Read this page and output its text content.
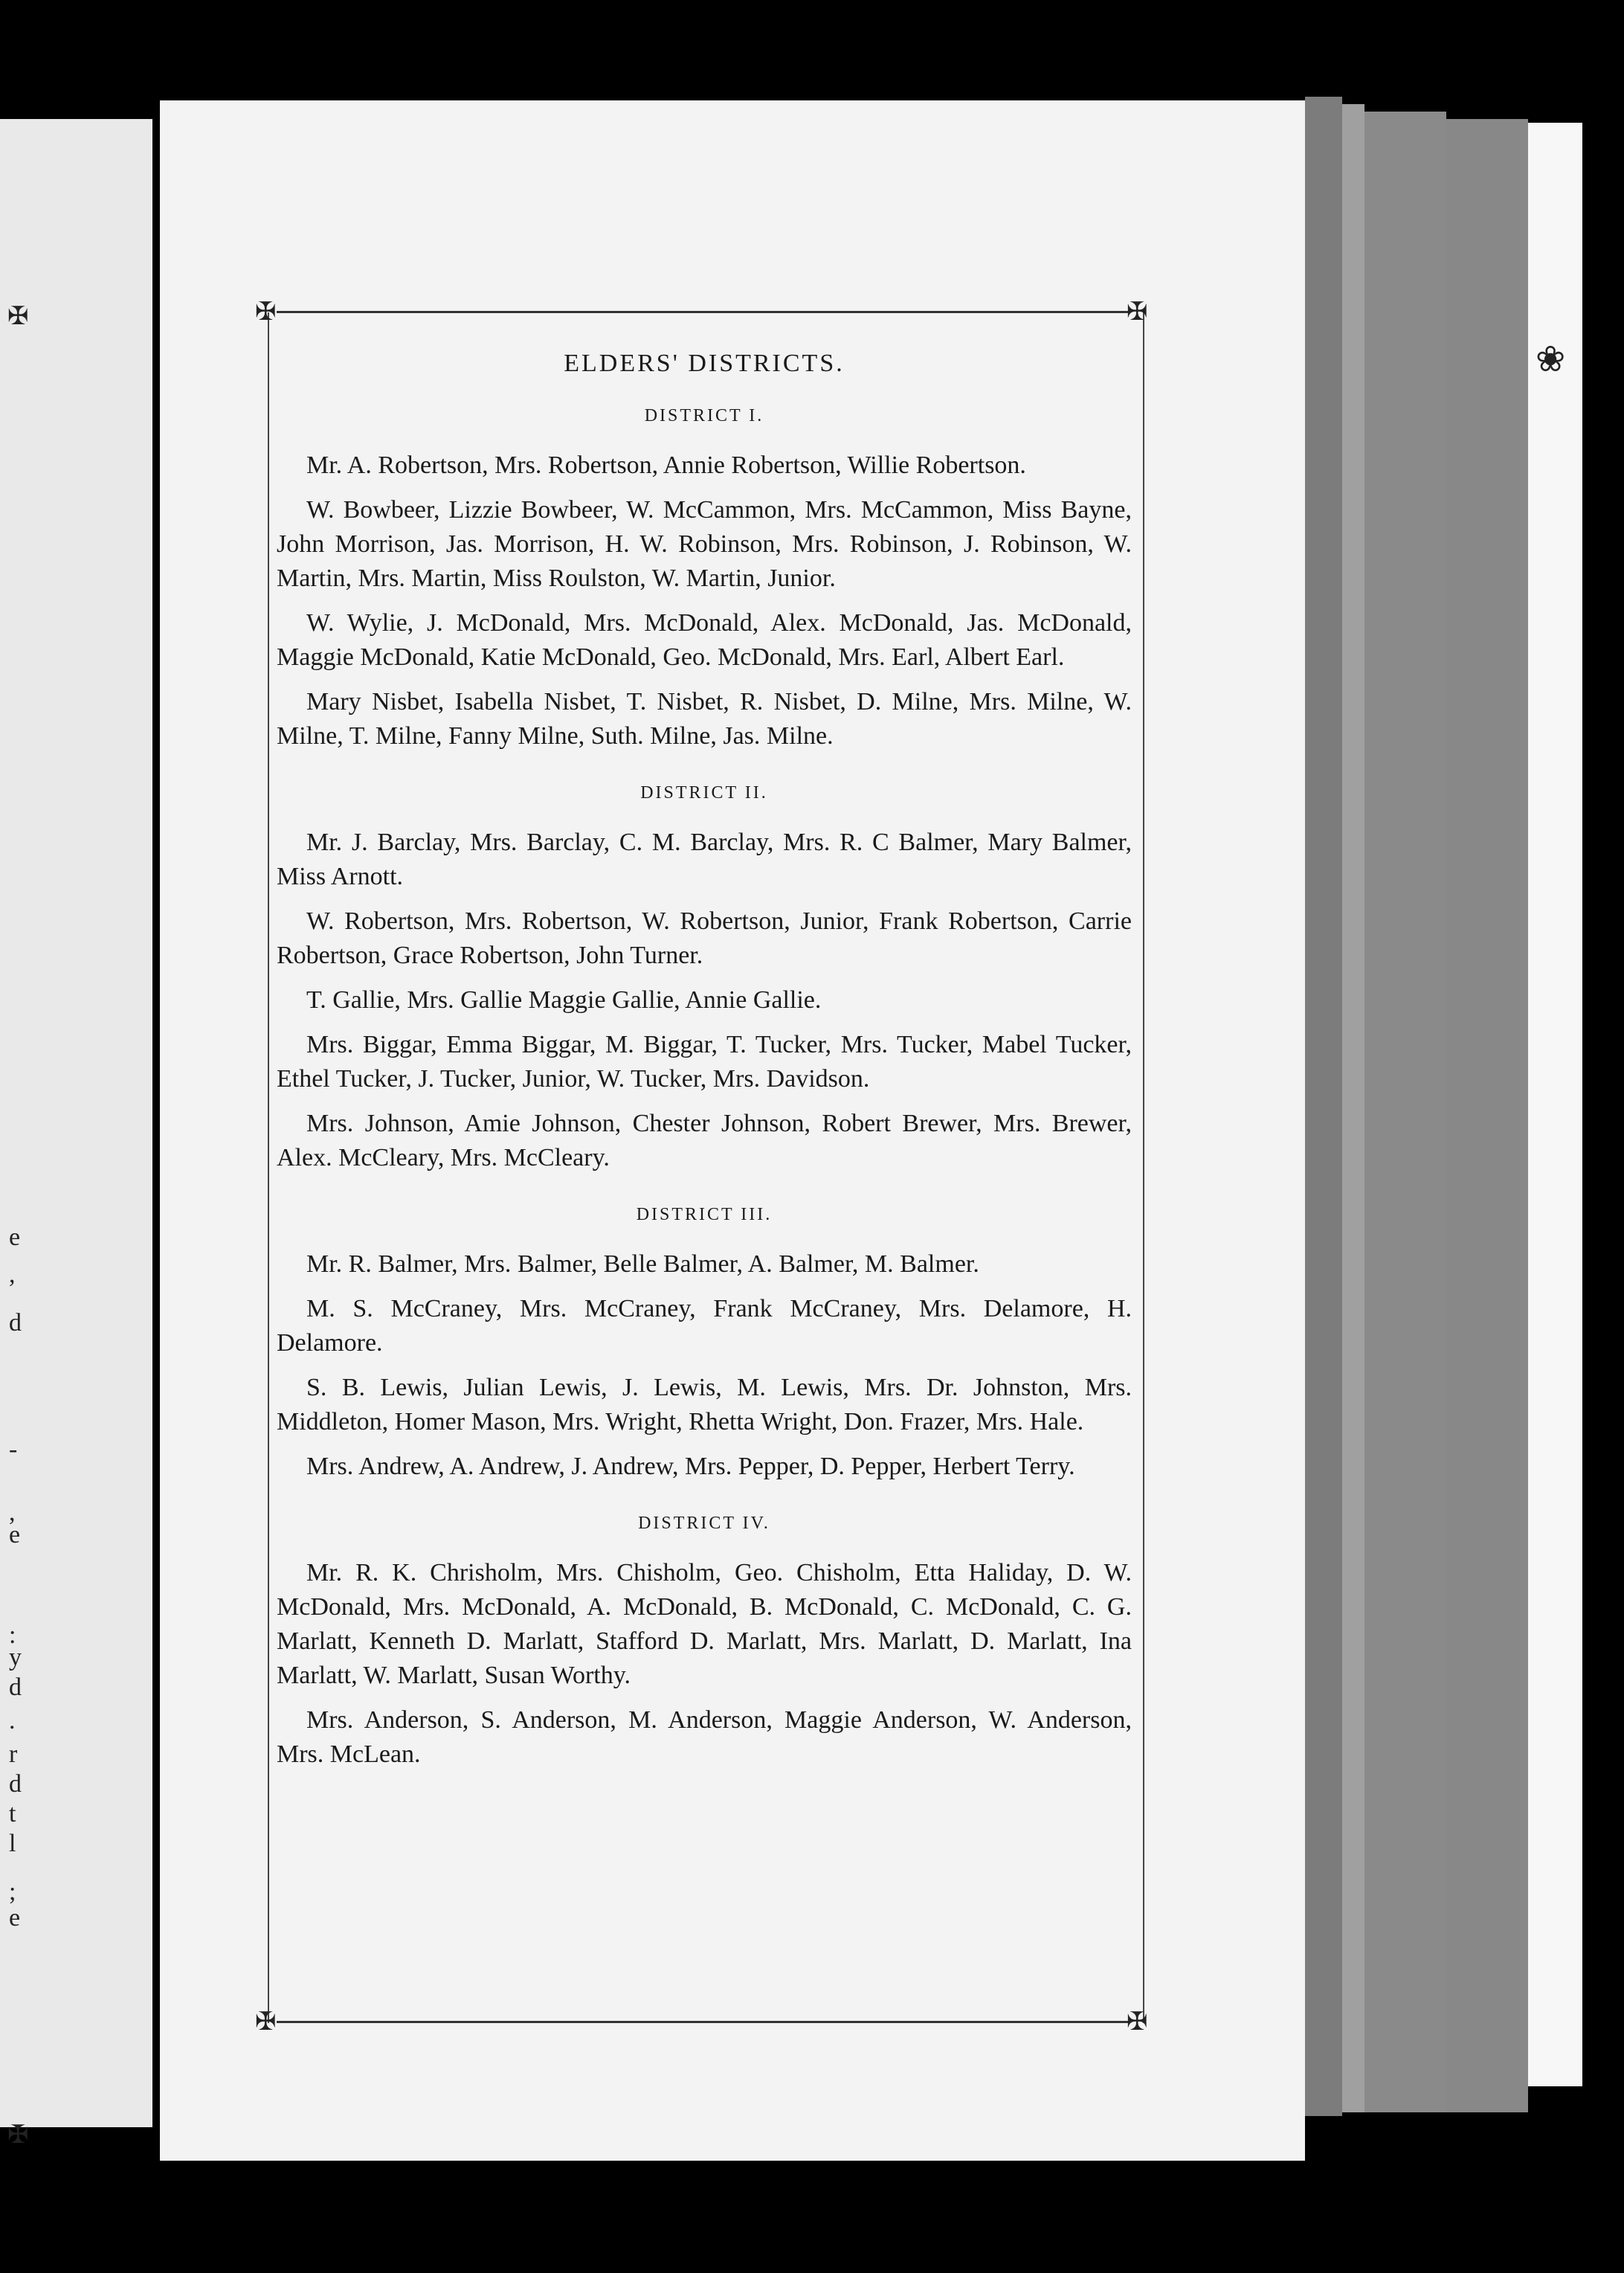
✠
e
,
d
-
,
e
:
y
d
.
r
d
t
l
;
e
✠
❀
✠	✠
✠	✠
ELDERS' DISTRICTS.
DISTRICT I.

Mr. A. Robertson, Mrs. Robertson, Annie Robertson, Willie Robertson.

W. Bowbeer, Lizzie Bowbeer, W. McCammon, Mrs. McCammon, Miss Bayne, John Morrison, Jas. Morrison, H. W. Robinson, Mrs. Robinson, J. Robinson, W. Martin, Mrs. Martin, Miss Roulston, W. Martin, Junior.

W. Wylie, J. McDonald, Mrs. McDonald, Alex. McDonald, Jas. McDonald, Maggie McDonald, Katie McDonald, Geo. McDonald, Mrs. Earl, Albert Earl.

Mary Nisbet, Isabella Nisbet, T. Nisbet, R. Nisbet, D. Milne, Mrs. Milne, W. Milne, T. Milne, Fanny Milne, Suth. Milne, Jas. Milne.

DISTRICT II.

Mr. J. Barclay, Mrs. Barclay, C. M. Barclay, Mrs. R. C Balmer, Mary Balmer, Miss Arnott.

W. Robertson, Mrs. Robertson, W. Robertson, Junior, Frank Robertson, Carrie Robertson, Grace Robertson, John Turner.

T. Gallie, Mrs. Gallie Maggie Gallie, Annie Gallie.

Mrs. Biggar, Emma Biggar, M. Biggar, T. Tucker, Mrs. Tucker, Mabel Tucker, Ethel Tucker, J. Tucker, Junior, W. Tucker, Mrs. Davidson.

Mrs. Johnson, Amie Johnson, Chester Johnson, Robert Brewer, Mrs. Brewer, Alex. McCleary, Mrs. McCleary.

DISTRICT III.

Mr. R. Balmer, Mrs. Balmer, Belle Balmer, A. Balmer, M. Balmer.

M. S. McCraney, Mrs. McCraney, Frank McCraney, Mrs. Delamore, H. Delamore.

S. B. Lewis, Julian Lewis, J. Lewis, M. Lewis, Mrs. Dr. Johnston, Mrs. Middleton, Homer Mason, Mrs. Wright, Rhetta Wright, Don. Frazer, Mrs. Hale.

Mrs. Andrew, A. Andrew, J. Andrew, Mrs. Pepper, D. Pepper, Herbert Terry.

DISTRICT IV.

Mr. R. K. Chrisholm, Mrs. Chisholm, Geo. Chisholm, Etta Haliday, D. W. McDonald, Mrs. McDonald, A. McDonald, B. McDonald, C. McDonald, C. G. Marlatt, Kenneth D. Marlatt, Stafford D. Marlatt, Mrs. Marlatt, D. Marlatt, Ina Marlatt, W. Marlatt, Susan Worthy.

Mrs. Anderson, S. Anderson, M. Anderson, Maggie Anderson, W. Anderson, Mrs. McLean.
